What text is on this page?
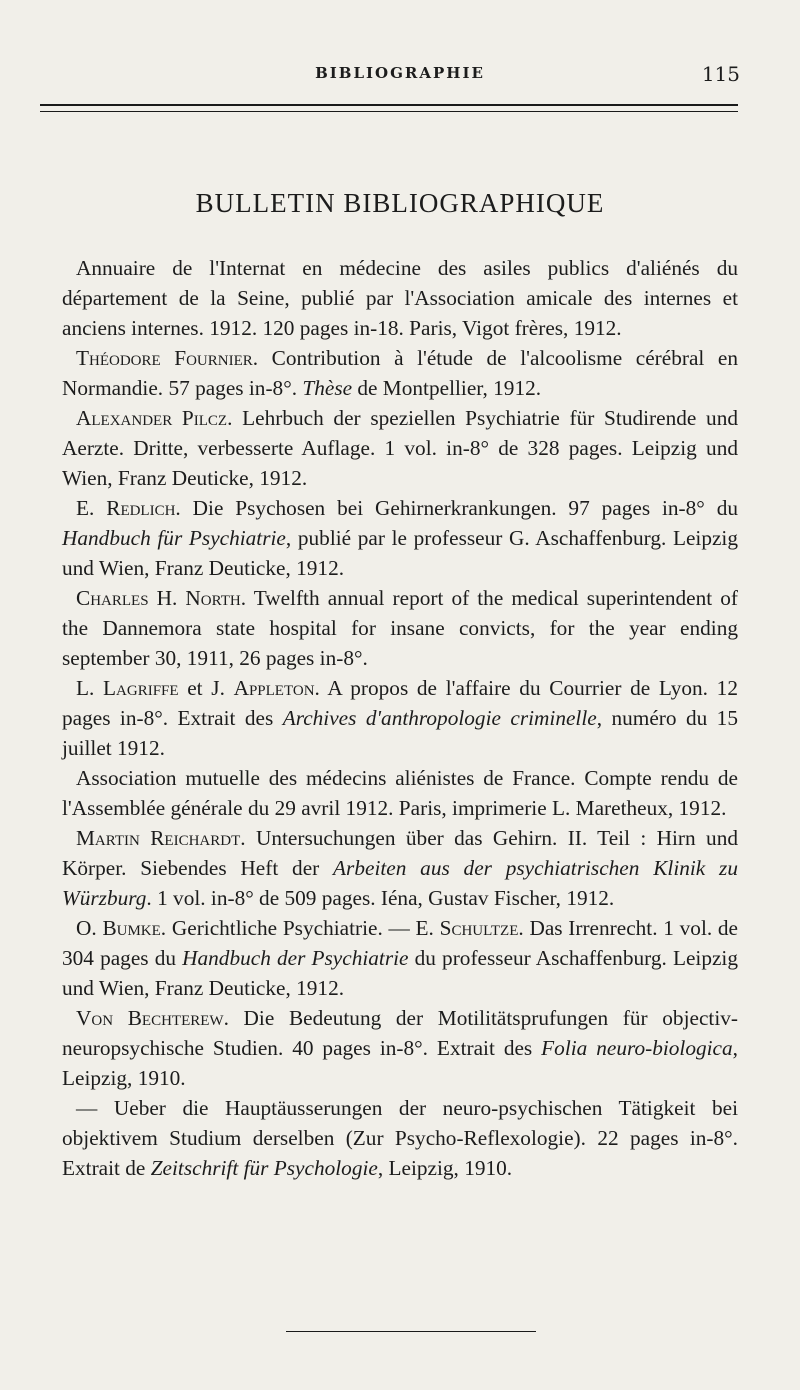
BIBLIOGRAPHIE	115
BULLETIN BIBLIOGRAPHIQUE

Annuaire de l'Internat en médecine des asiles publics d'aliénés du département de la Seine, publié par l'Association amicale des internes et anciens internes. 1912. 120 pages in-18. Paris, Vigot frères, 1912.

Théodore Fournier. Contribution à l'étude de l'alcoolisme cérébral en Normandie. 57 pages in-8°. Thèse de Montpellier, 1912.

Alexander Pilcz. Lehrbuch der speziellen Psychiatrie für Studirende und Aerzte. Dritte, verbesserte Auflage. 1 vol. in-8° de 328 pages. Leipzig und Wien, Franz Deuticke, 1912.

E. Redlich. Die Psychosen bei Gehirnerkrankungen. 97 pages in-8° du Handbuch für Psychiatrie, publié par le professeur G. Aschaffenburg. Leipzig und Wien, Franz Deuticke, 1912.

Charles H. North. Twelfth annual report of the medical superintendent of the Dannemora state hospital for insane convicts, for the year ending september 30, 1911, 26 pages in-8°.

L. Lagriffe et J. Appleton. A propos de l'affaire du Courrier de Lyon. 12 pages in-8°. Extrait des Archives d'anthropologie criminelle, numéro du 15 juillet 1912.

Association mutuelle des médecins aliénistes de France. Compte rendu de l'Assemblée générale du 29 avril 1912. Paris, imprimerie L. Maretheux, 1912.

Martin Reichardt. Untersuchungen über das Gehirn. II. Teil : Hirn und Körper. Siebendes Heft der Arbeiten aus der psychiatrischen Klinik zu Würzburg. 1 vol. in-8° de 509 pages. Iéna, Gustav Fischer, 1912.

O. Bumke. Gerichtliche Psychiatrie. — E. Schultze. Das Irrenrecht. 1 vol. de 304 pages du Handbuch der Psychiatrie du professeur Aschaffenburg. Leipzig und Wien, Franz Deuticke, 1912.

Von Bechterew. Die Bedeutung der Motilitätsprufungen für objectiv-neuropsychische Studien. 40 pages in-8°. Extrait des Folia neuro-biologica, Leipzig, 1910.

— Ueber die Hauptäusserungen der neuro-psychischen Tätigkeit bei objektivem Studium derselben (Zur Psycho-Reflexologie). 22 pages in-8°. Extrait de Zeitschrift für Psychologie, Leipzig, 1910.
